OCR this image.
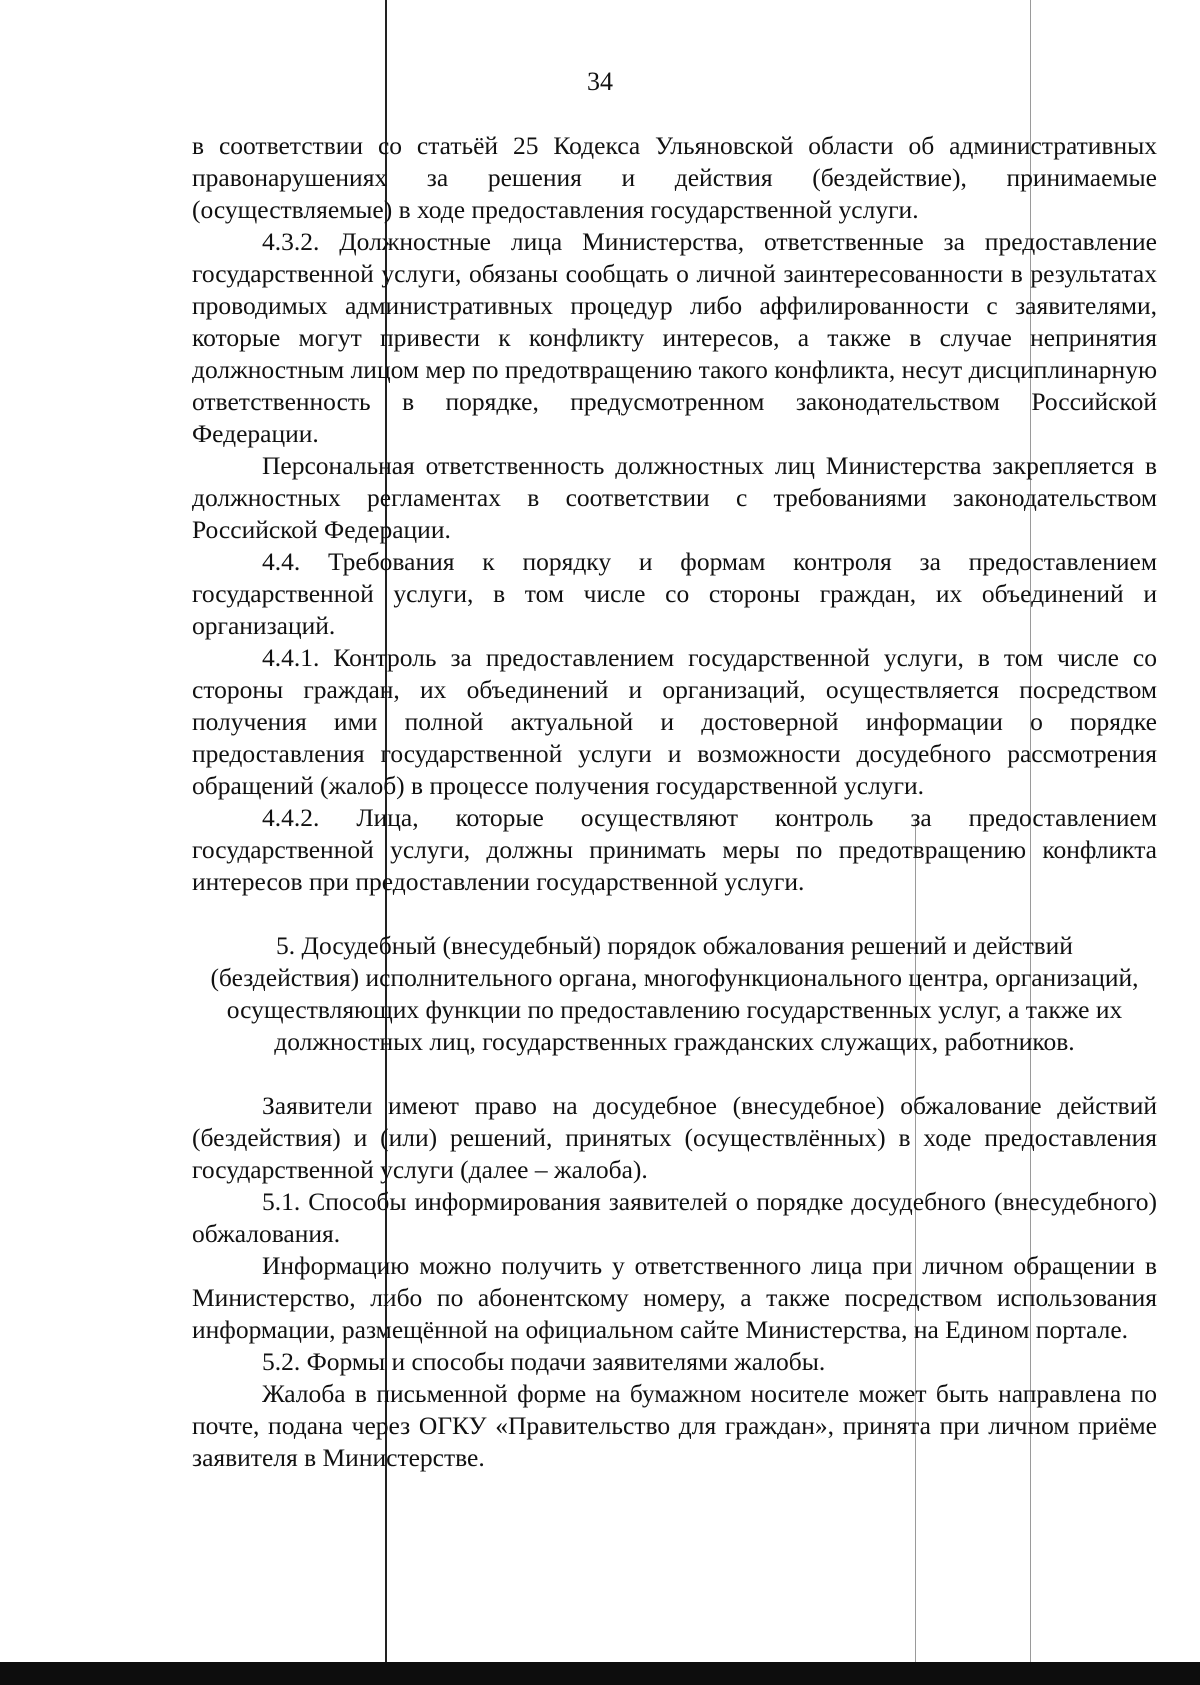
34

в соответствии со статьёй 25 Кодекса Ульяновской области об административных правонарушениях за решения и действия (бездействие), принимаемые (осуществляемые) в ходе предоставления государственной услуги.

4.3.2. Должностные лица Министерства, ответственные за предоставление государственной услуги, обязаны сообщать о личной заинтересованности в результатах проводимых административных процедур либо аффилированности с заявителями, которые могут привести к конфликту интересов, а также в случае непринятия должностным лицом мер по предотвращению такого конфликта, несут дисциплинарную ответственность в порядке, предусмотренном законодательством Российской Федерации.

Персональная ответственность должностных лиц Министерства закрепляется в должностных регламентах в соответствии с требованиями законодательством Российской Федерации.

4.4. Требования к порядку и формам контроля за предоставлением государственной услуги, в том числе со стороны граждан, их объединений и организаций.

4.4.1. Контроль за предоставлением государственной услуги, в том числе со стороны граждан, их объединений и организаций, осуществляется посредством получения ими полной актуальной и достоверной информации о порядке предоставления государственной услуги и возможности досудебного рассмотрения обращений (жалоб) в процессе получения государственной услуги.

4.4.2. Лица, которые осуществляют контроль за предоставлением государственной услуги, должны принимать меры по предотвращению конфликта интересов при предоставлении государственной услуги.

5. Досудебный (внесудебный) порядок обжалования решений и действий (бездействия) исполнительного органа, многофункционального центра, организаций, осуществляющих функции по предоставлению государственных услуг, а также их должностных лиц, государственных гражданских служащих, работников.

Заявители имеют право на досудебное (внесудебное) обжалование действий (бездействия) и (или) решений, принятых (осуществлённых) в ходе предоставления государственной услуги (далее – жалоба).

5.1. Способы информирования заявителей о порядке досудебного (внесудебного) обжалования.

Информацию можно получить у ответственного лица при личном обращении в Министерство, либо по абонентскому номеру, а также посредством использования информации, размещённой на официальном сайте Министерства, на Едином портале.

5.2. Формы и способы подачи заявителями жалобы.

Жалоба в письменной форме на бумажном носителе может быть направлена по почте, подана через ОГКУ «Правительство для граждан», принята при личном приёме заявителя в Министерстве.
